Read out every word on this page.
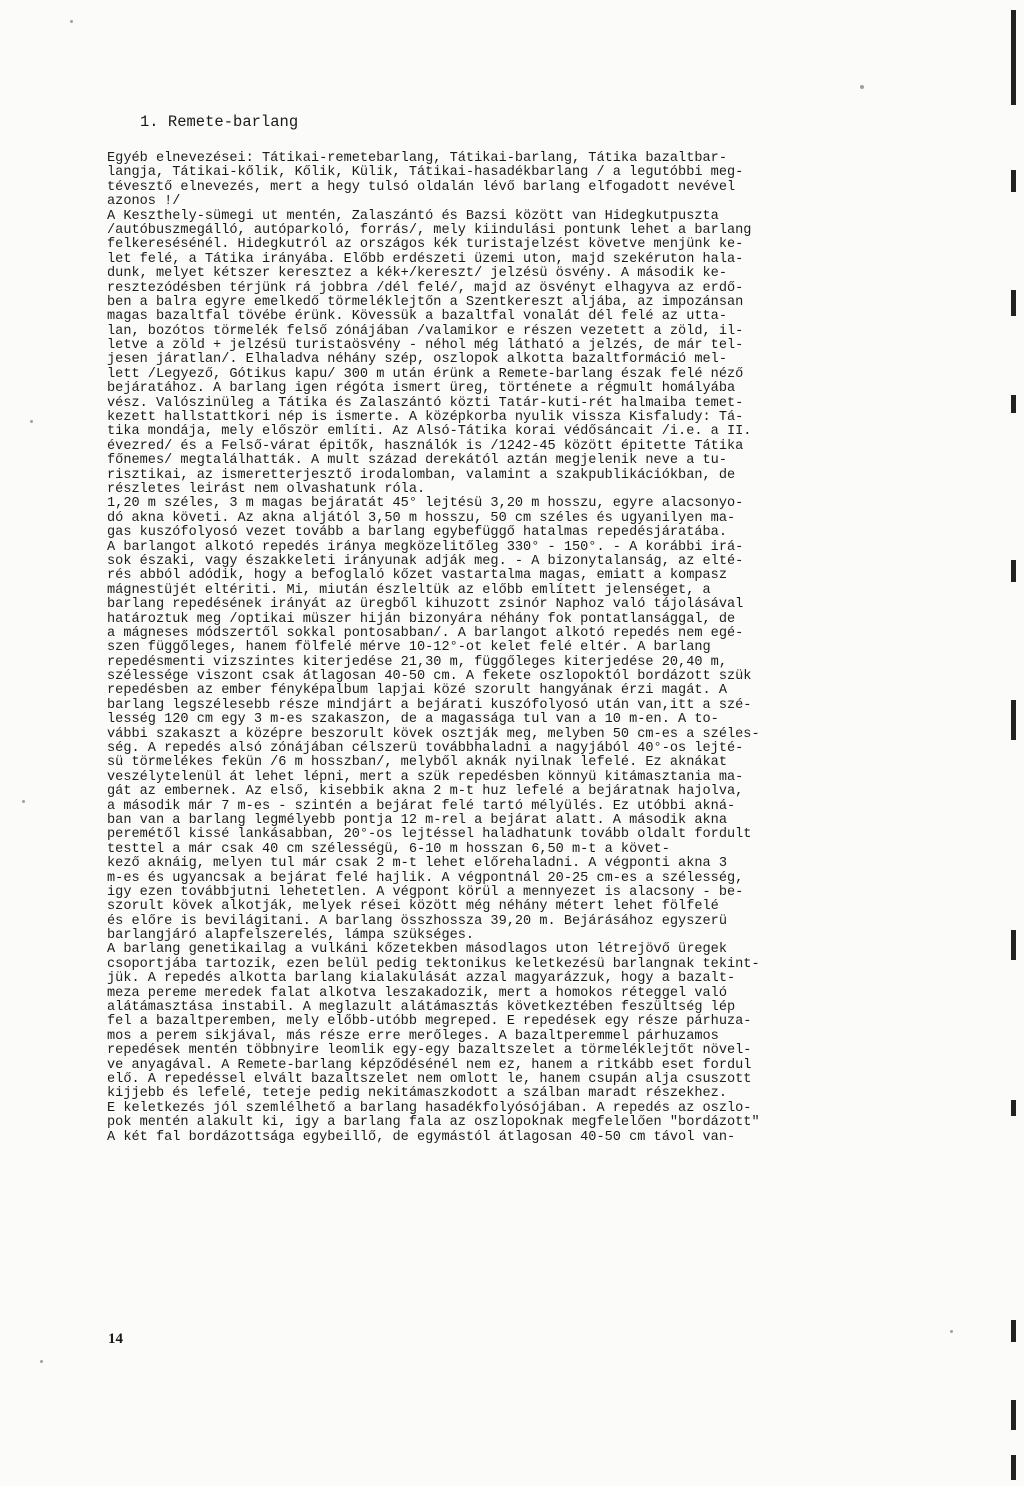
1. Remete-barlang
Egyéb elnevezései: Tátikai-remetebarlang, Tátikai-barlang, Tátika bazaltbar-
langja, Tátikai-kőlik, Kőlik, Külik, Tátikai-hasadékbarlang / a legutóbbi meg-
tévesztő elnevezés, mert a hegy tulsó oldalán lévő barlang elfogadott nevével
azonos !/
A Keszthely-sümegi ut mentén, Zalaszántó és Bazsi között van Hidegkutpuszta
/autóbuszmegálló, autóparkoló, forrás/, mely kiindulási pontunk lehet a barlang
felkeresésénél. Hidegkutról az országos kék turistajelzést követve menjünk ke-
let felé, a Tátika irányába. Előbb erdészeti üzemi uton, majd szekéruton hala-
dunk, melyet kétszer keresztez a kék+/kereszt/ jelzésü ösvény. A második ke-
resztezódésben térjünk rá jobbra /dél felé/, majd az ösvényt elhagyva az erdő-
ben a balra egyre emelkedő törmeléklejtőn a Szentkereszt aljába, az impozánsan
magas bazaltfal tövébe érünk. Kövessük a bazaltfal vonalát dél felé az utta-
lan, bozótos törmelék felső zónájában /valamikor e részen vezetett a zöld, il-
letve a zöld + jelzésü turistaösvény - néhol még látható a jelzés, de már tel-
jesen járatlan/. Elhaladva néhány szép, oszlopok alkotta bazaltformáció mel-
lett /Legyező, Gótikus kapu/ 300 m után érünk a Remete-barlang észak felé néző
bejáratához. A barlang igen régóta ismert üreg, története a régmult homályába
vész. Valószinüleg a Tátika és Zalaszántó közti Tatár-kuti-rét halmaiba temet-
kezett hallstattkori nép is ismerte. A középkorba nyulik vissza Kisfaludy: Tá-
tika mondája, mely először említi. Az Alsó-Tátika korai védősáncait /i.e. a II.
évezred/ és a Felső-várat épitők, használók is /1242-45 között épitette Tátika
főnemes/ megtalálhatták. A mult század derekától aztán megjelenik neve a tu-
risztikai, az ismeretterjesztő irodalomban, valamint a szakpublikációkban, de
részletes leirást nem olvashatunk róla.
1,20 m széles, 3 m magas bejáratát 45° lejtésü 3,20 m hosszu, egyre alacsonyo-
dó akna követi. Az akna aljától 3,50 m hosszu, 50 cm széles és ugyanilyen ma-
gas kuszófolyosó vezet tovább a barlang egybefüggő hatalmas repedésjáratába.
A barlangot alkotó repedés iránya megközelitőleg 330° - 150°. - A korábbi irá-
sok északi, vagy északkeleti irányunak adják meg. - A bizonytalanság, az elté-
rés abból adódik, hogy a befoglaló kőzet vastartalma magas, emiatt a kompasz
mágnestüjét eltériti. Mi, miután észleltük az előbb említett jelenséget, a
barlang repedésének irányát az üregből kihuzott zsinór Naphoz való tájolásával
határoztuk meg /optikai müszer hiján bizonyára néhány fok pontatlansággal, de
a mágneses módszertől sokkal pontosabban/. A barlangot alkotó repedés nem egé-
szen függőleges, hanem fölfelé mérve 10-12°-ot kelet felé eltér. A barlang
repedésmenti vizszintes kiterjedése 21,30 m, függőleges kiterjedése 20,40 m,
szélessége viszont csak átlagosan 40-50 cm. A fekete oszlopoktól bordázott szük
repedésben az ember fényképalbum lapjai közé szorult hangyának érzi magát. A
barlang legszélesebb része mindjárt a bejárati kuszófolyosó után van,itt a szé-
lesség 120 cm egy 3 m-es szakaszon, de a magassága tul van a 10 m-en. A to-
vábbi szakaszt a középre beszorult kövek osztják meg, melyben 50 cm-es a széles-
ség. A repedés alsó zónájában célszerü továbbhaladni a nagyjából 40°-os lejté-
sü törmelékes fekün /6 m hosszban/, melyből aknák nyilnak lefelé. Ez aknákat
veszélytelenül át lehet lépni, mert a szük repedésben könnyü kitámasztania ma-
gát az embernek. Az első, kisebbik akna 2 m-t huz lefelé a bejáratnak hajolva,
a második már 7 m-es - szintén a bejárat felé tartó mélyülés. Ez utóbbi akná-
ban van a barlang legmélyebb pontja 12 m-rel a bejárat alatt. A második akna
peremétől kissé lankásabban, 20°-os lejtéssel haladhatunk tovább oldalt fordult
testtel a már csak 40 cm szélességü, 6-10 m hosszan 6,50 m-t a követ-
kező aknáig, melyen tul már csak 2 m-t lehet előrehaladni. A végponti akna 3
m-es és ugyancsak a bejárat felé hajlik. A végpontnál 20-25 cm-es a szélesség,
igy ezen továbbjutni lehetetlen. A végpont körül a mennyezet is alacsony - be-
szorult kövek alkotják, melyek rései között még néhány métert lehet fölfelé
és előre is bevilágitani. A barlang összhossza 39,20 m. Bejárásához egyszerü
barlangjáró alapfelszerelés, lámpa szükséges.
A barlang genetikailag a vulkáni kőzetekben másodlagos uton létrejövő üregek
csoportjába tartozik, ezen belül pedig tektonikus keletkezésü barlangnak tekint-
jük. A repedés alkotta barlang kialakulását azzal magyarázzuk, hogy a bazalt-
meza pereme meredek falat alkotva leszakadozik, mert a homokos réteggel való
alátámasztása instabil. A meglazult alátámasztás következtében feszültség lép
fel a bazaltperemben, mely előbb-utóbb megreped. E repedések egy része párhuza-
mos a perem sikjával, más része erre merőleges. A bazaltperemmel párhuzamos
repedések mentén többnyire leomlik egy-egy bazaltszelet a törmeléklejtőt növel-
ve anyagával. A Remete-barlang képződésénél nem ez, hanem a ritkább eset fordul
elő. A repedéssel elvált bazaltszelet nem omlott le, hanem csupán alja csuszott
kijjebb és lefelé, teteje pedig nekitámaszkodott a szálban maradt részekhez.
E keletkezés jól szemlélhető a barlang hasadékfolyósójában. A repedés az oszlo-
pok mentén alakult ki, igy a barlang fala az oszlopoknak megfelelően "bordázott"
A két fal bordázottsága egybeillő, de egymástól átlagosan 40-50 cm távol van-
14
